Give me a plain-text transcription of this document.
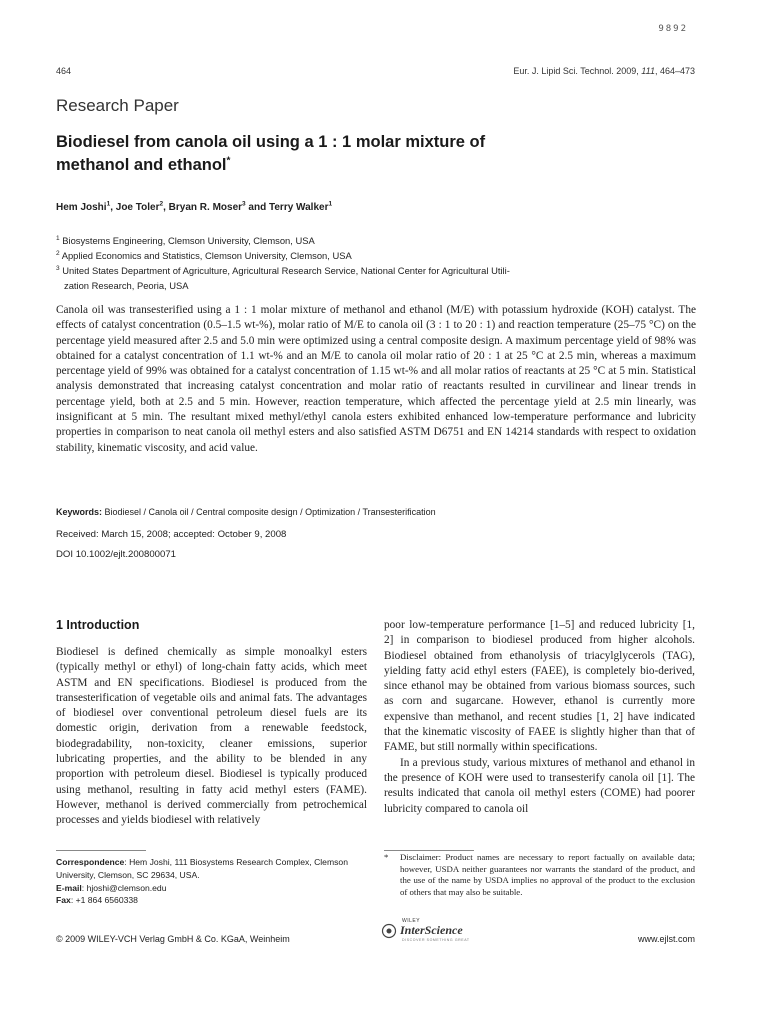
9892
464	Eur. J. Lipid Sci. Technol. 2009, 111, 464–473
Research Paper
Biodiesel from canola oil using a 1 : 1 molar mixture of
methanol and ethanol*
Hem Joshi$^1$, Joe Toler$^2$, Bryan R. Moser$^3$ and Terry Walker$^1$
$^1$ Biosystems Engineering, Clemson University, Clemson, USA
$^2$ Applied Economics and Statistics, Clemson University, Clemson, USA
$^3$ United States Department of Agriculture, Agricultural Research Service, National Center for Agricultural Utili-
zation Research, Peoria, USA
Canola oil was transesterified using a 1 : 1 molar mixture of methanol and ethanol (M/E) with potassium hydroxide (KOH) catalyst. The effects of catalyst concentration (0.5–1.5 wt-%), molar ratio of M/E to canola oil (3 : 1 to 20 : 1) and reaction temperature (25–75 °C) on the percentage yield measured after 2.5 and 5.0 min were optimized using a central composite design. A maximum percentage yield of 98% was obtained for a catalyst concentration of 1.1 wt-% and an M/E to canola oil molar ratio of 20 : 1 at 25 °C at 2.5 min, whereas a maximum percentage yield of 99% was obtained for a catalyst concentration of 1.15 wt-% and all molar ratios of reactants at 25 °C at 5 min. Statistical analysis demonstrated that increasing catalyst concentration and molar ratio of reactants resulted in curvilinear and linear trends in percentage yield, both at 2.5 and 5 min. However, reaction temperature, which affected the percentage yield at 2.5 min linearly, was insignificant at 5 min. The resultant mixed methyl/ethyl canola esters exhibited enhanced low-temperature performance and lubricity properties in comparison to neat canola oil methyl esters and also satisfied ASTM D6751 and EN 14214 standards with respect to oxidation stability, kinematic viscosity, and acid value.
Keywords: Biodiesel / Canola oil / Central composite design / Optimization / Transesterification
Received: March 15, 2008; accepted: October 9, 2008
DOI 10.1002/ejlt.200800071
1 Introduction

Biodiesel is defined chemically as simple monoalkyl esters (typically methyl or ethyl) of long-chain fatty acids, which meet ASTM and EN specifications. Biodiesel is produced from the transesterification of vegetable oils and animal fats. The advantages of biodiesel over conventional petroleum diesel fuels are its domestic origin, derivation from a renewable feedstock, biodegradability, non-toxicity, cleaner emissions, superior lubricating properties, and the ability to be blended in any proportion with petroleum diesel. Biodiesel is typically produced using methanol, resulting in fatty acid methyl esters (FAME). However, methanol is derived commercially from petrochemical processes and yields biodiesel with relatively

poor low-temperature performance [1–5] and reduced lubricity [1, 2] in comparison to biodiesel produced from higher alcohols. Biodiesel obtained from ethanolysis of triacylglycerols (TAG), yielding fatty acid ethyl esters (FAEE), is completely bio-derived, since ethanol may be obtained from various biomass sources, such as corn and sugarcane. However, ethanol is currently more expensive than methanol, and recent studies [1, 2] have indicated that the kinematic viscosity of FAEE is slightly higher than that of FAME, but still normally within specifications.

In a previous study, various mixtures of methanol and ethanol in the presence of KOH were used to transesterify canola oil [1]. The results indicated that canola oil methyl esters (COME) had poorer lubricity compared to canola oil

Correspondence: Hem Joshi, 111 Biosystems Research Complex, Clemson University, Clemson, SC 29634, USA.
E-mail: hjoshi@clemson.edu
Fax: +1 864 6560338
*	Disclaimer: Product names are necessary to report factually on available data; however, USDA neither guarantees nor warrants the standard of the product, and the use of the name by USDA implies no approval of the product to the exclusion of others that may also be suitable.
WILEY
InterScience
DISCOVER SOMETHING GREAT
© 2009 WILEY-VCH Verlag GmbH & Co. KGaA, Weinheim	www.ejlst.com
